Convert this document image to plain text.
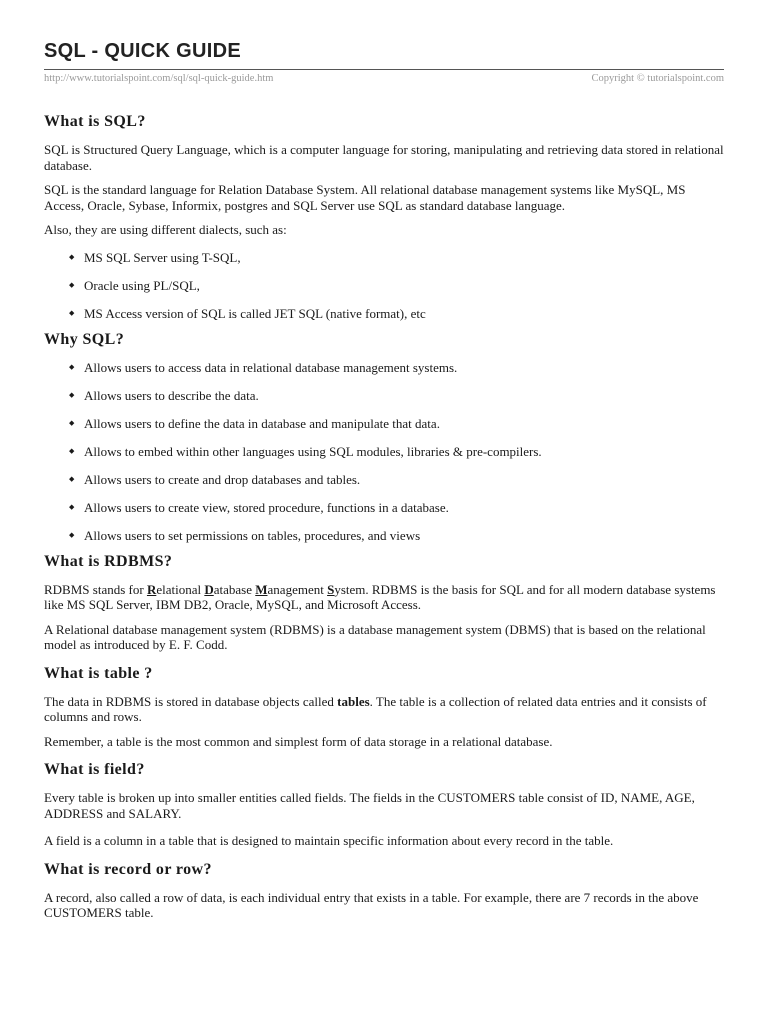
SQL - QUICK GUIDE
http://www.tutorialspoint.com/sql/sql-quick-guide.htm	Copyright © tutorialspoint.com
What is SQL?

SQL is Structured Query Language, which is a computer language for storing, manipulating and retrieving data stored in relational database.

SQL is the standard language for Relation Database System. All relational database management systems like MySQL, MS Access, Oracle, Sybase, Informix, postgres and SQL Server use SQL as standard database language.

Also, they are using different dialects, such as:

◆ MS SQL Server using T-SQL,
◆ Oracle using PL/SQL,
◆ MS Access version of SQL is called JET SQL (native format), etc
Why SQL?
◆ Allows users to access data in relational database management systems.
◆ Allows users to describe the data.
◆ Allows users to define the data in database and manipulate that data.
◆ Allows to embed within other languages using SQL modules, libraries & pre-compilers.
◆ Allows users to create and drop databases and tables.
◆ Allows users to create view, stored procedure, functions in a database.
◆ Allows users to set permissions on tables, procedures, and views
What is RDBMS?

RDBMS stands for Relational Database Management System. RDBMS is the basis for SQL and for all modern database systems like MS SQL Server, IBM DB2, Oracle, MySQL, and Microsoft Access.

A Relational database management system (RDBMS) is a database management system (DBMS) that is based on the relational model as introduced by E. F. Codd.

What is table ?

The data in RDBMS is stored in database objects called tables. The table is a collection of related data entries and it consists of columns and rows.

Remember, a table is the most common and simplest form of data storage in a relational database.

What is field?

Every table is broken up into smaller entities called fields. The fields in the CUSTOMERS table consist of ID, NAME, AGE, ADDRESS and SALARY.

A field is a column in a table that is designed to maintain specific information about every record in the table.

What is record or row?

A record, also called a row of data, is each individual entry that exists in a table. For example, there are 7 records in the above CUSTOMERS table.
